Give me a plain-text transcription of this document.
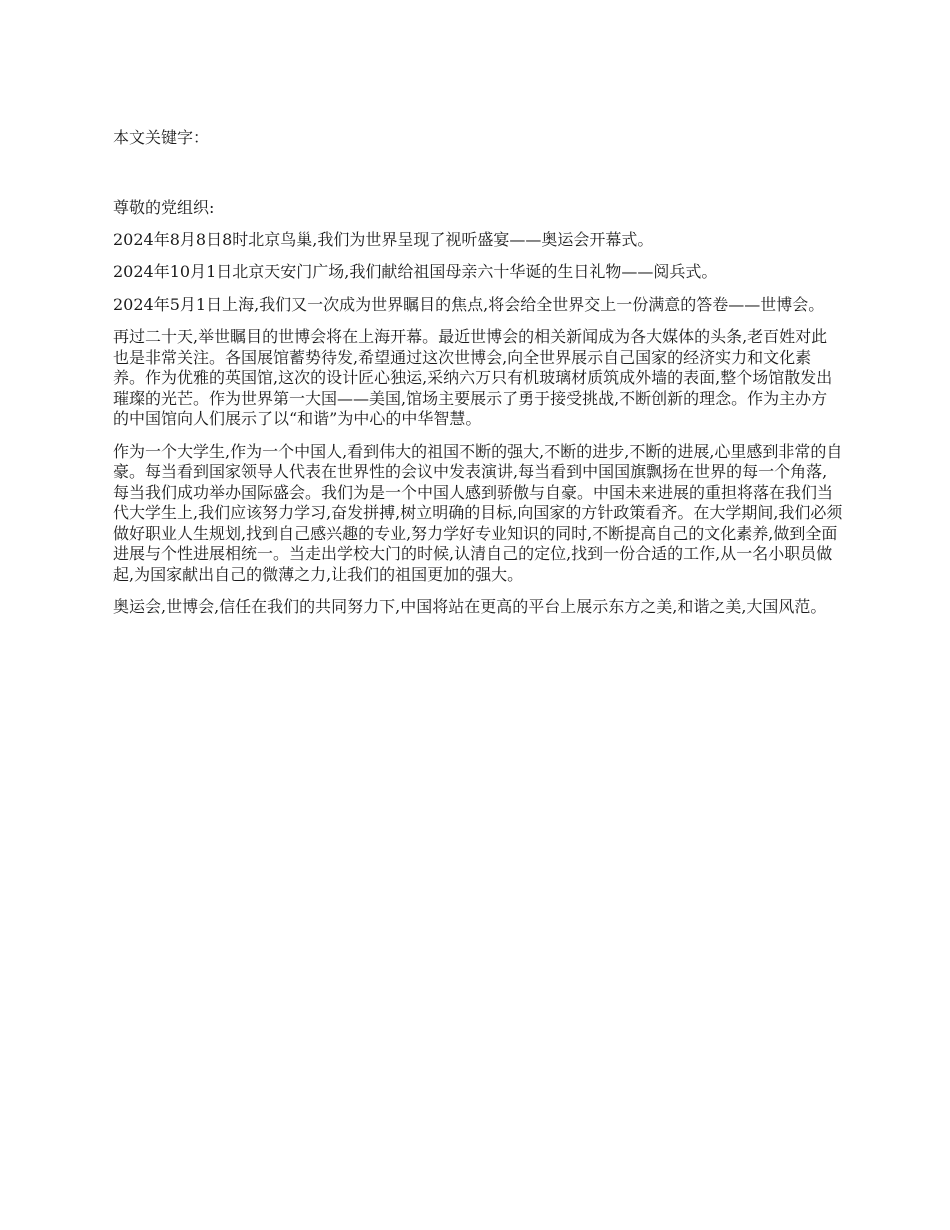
本文关键字：

尊敬的党组织:

2024年8月8日8时北京鸟巢,我们为世界呈现了视听盛宴——奥运会开幕式。

2024年10月1日北京天安门广场,我们献给祖国母亲六十华诞的生日礼物——阅兵式。

2024年5月1日上海,我们又一次成为世界瞩目的焦点,将会给全世界交上一份满意的答卷——世博会。

再过二十天,举世瞩目的世博会将在上海开幕。最近世博会的相关新闻成为各大媒体的头条,老百姓对此也是非常关注。各国展馆蓄势待发,希望通过这次世博会,向全世界展示自己国家的经济实力和文化素养。作为优雅的英国馆,这次的设计匠心独运,采纳六万只有机玻璃材质筑成外墙的表面,整个场馆散发出璀璨的光芒。作为世界第一大国——美国,馆场主要展示了勇于接受挑战,不断创新的理念。作为主办方的中国馆向人们展示了以“和谐”为中心的中华智慧。

作为一个大学生,作为一个中国人,看到伟大的祖国不断的强大,不断的进步,不断的进展,心里感到非常的自豪。每当看到国家领导人代表在世界性的会议中发表演讲,每当看到中国国旗飘扬在世界的每一个角落,每当我们成功举办国际盛会。我们为是一个中国人感到骄傲与自豪。中国未来进展的重担将落在我们当代大学生上,我们应该努力学习,奋发拼搏,树立明确的目标,向国家的方针政策看齐。在大学期间,我们必须做好职业人生规划,找到自己感兴趣的专业,努力学好专业知识的同时,不断提高自己的文化素养,做到全面进展与个性进展相统一。当走出学校大门的时候,认清自己的定位,找到一份合适的工作,从一名小职员做起,为国家献出自己的微薄之力,让我们的祖国更加的强大。

奥运会,世博会,信任在我们的共同努力下,中国将站在更高的平台上展示东方之美,和谐之美,大国风范。
